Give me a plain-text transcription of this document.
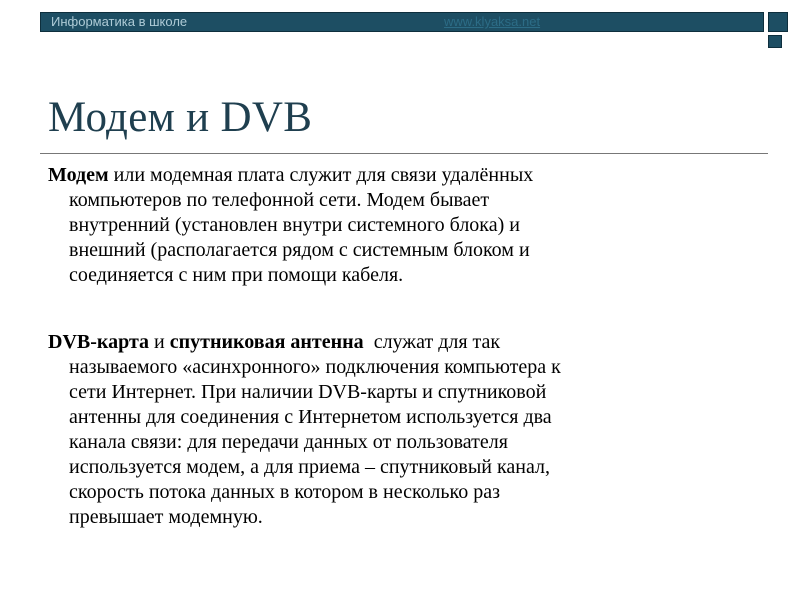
Информатика в школе	www.klyaksa.net
Модем и DVB
Модем или модемная плата служит для связи удалённых
компьютеров по телефонной сети. Модем бывает
внутренний (установлен внутри системного блока) и
внешний (располагается рядом с системным блоком и
соединяется с ним при помощи кабеля.
DVB-карта и спутниковая антенна  служат для так
называемого «асинхронного» подключения компьютера к
сети Интернет. При наличии DVB-карты и спутниковой
антенны для соединения с Интернетом используется два
канала связи: для передачи данных от пользователя
используется модем, а для приема – спутниковый канал,
скорость потока данных в котором в несколько раз
превышает модемную.
